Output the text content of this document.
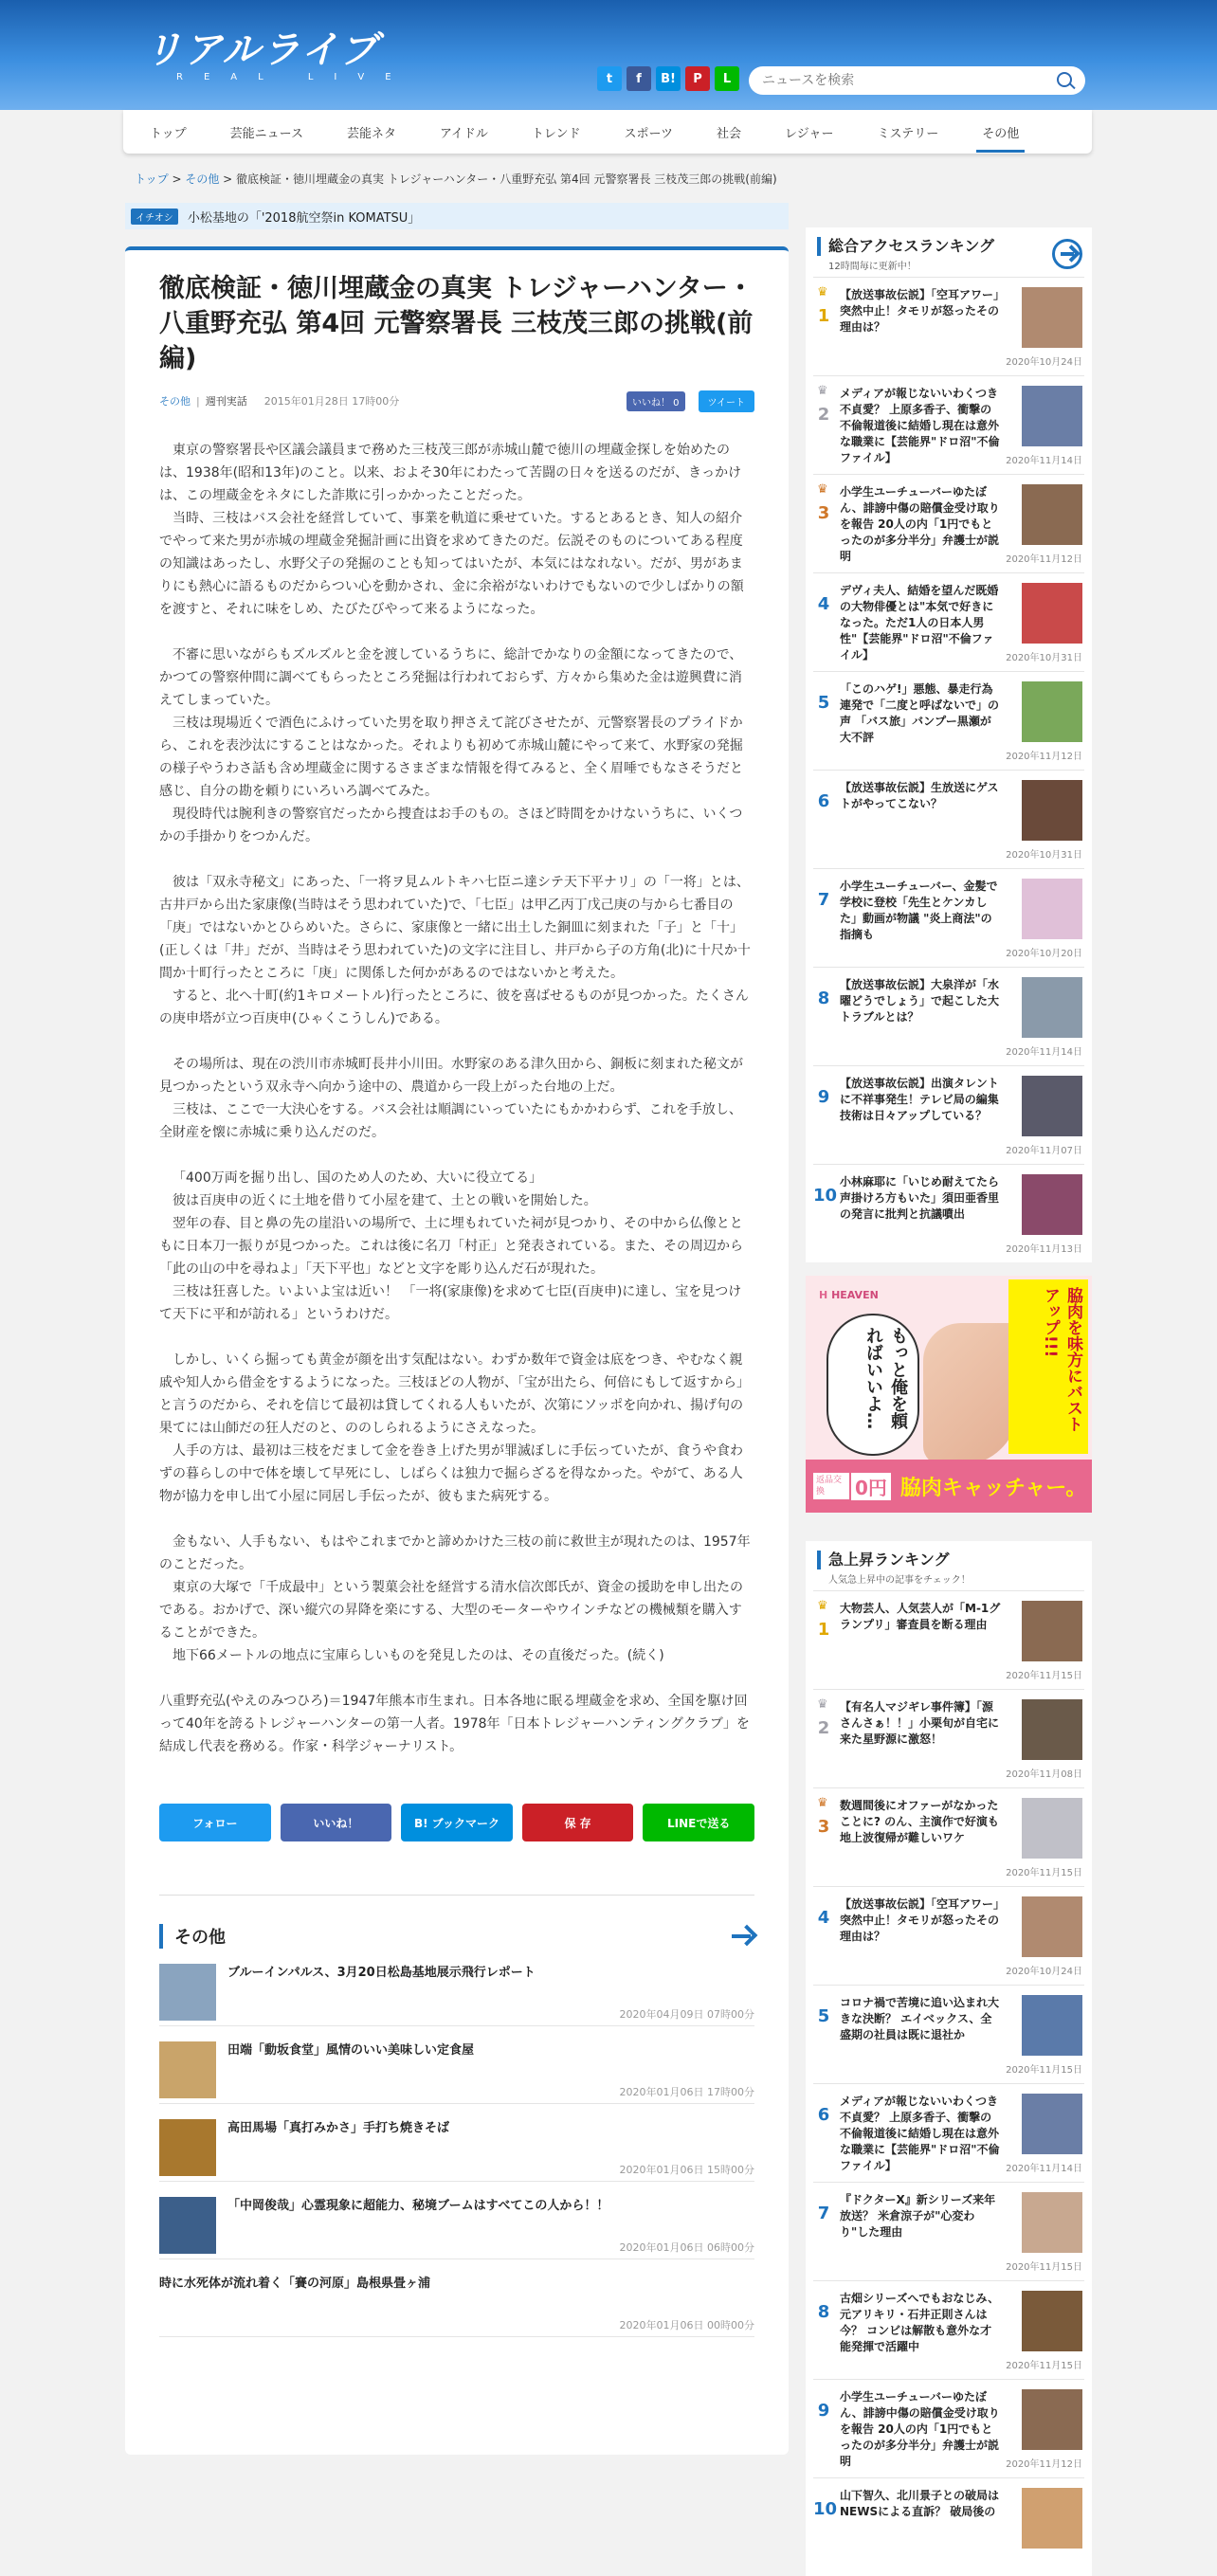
リアルライブ
REAL LIVE	t	f	B!	P	L
ニュースを検索
トップ	芸能ニュース	芸能ネタ	アイドル	トレンド	スポーツ	社会	レジャー	ミステリー	その他
トップ > その他 > 徹底検証・徳川埋蔵金の真実 トレジャーハンター・八重野充弘 第4回 元警察署長 三枝茂三郎の挑戦(前編)
イチオシ	小松基地の「'2018航空祭in KOMATSU」
徹底検証・徳川埋蔵金の真実 トレジャーハンター・八重野充弘 第4回 元警察署長 三枝茂三郎の挑戦(前編)
その他 | 週刊実話 2015年01月28日 17時00分	いいね！ 0	ツイート

東京の警察署長や区議会議員まで務めた三枝茂三郎が赤城山麓で徳川の埋蔵金探しを始めたのは、1938年(昭和13年)のこと。以来、およそ30年にわたって苦闘の日々を送るのだが、きっかけは、この埋蔵金をネタにした詐欺に引っかかったことだった。

当時、三枝はバス会社を経営していて、事業を軌道に乗せていた。するとあるとき、知人の紹介でやって来た男が赤城の埋蔵金発掘計画に出資を求めてきたのだ。伝説そのものについてある程度の知識はあったし、水野父子の発掘のことも知ってはいたが、本気にはなれない。だが、男があまりにも熱心に語るものだからつい心を動かされ、金に余裕がないわけでもないので少しばかりの額を渡すと、それに味をしめ、たびたびやって来るようになった。

不審に思いながらもズルズルと金を渡しているうちに、総計でかなりの金額になってきたので、かつての警察仲間に調べてもらったところ発掘は行われておらず、方々から集めた金は遊興費に消えてしまっていた。

三枝は現場近くで酒色にふけっていた男を取り押さえて詫びさせたが、元警察署長のプライドから、これを表沙汰にすることはなかった。それよりも初めて赤城山麓にやって来て、水野家の発掘の様子やうわさ話も含め埋蔵金に関するさまざまな情報を得てみると、全く眉唾でもなさそうだと感じ、自分の勘を頼りにいろいろ調べてみた。

現役時代は腕利きの警察官だったから捜査はお手のもの。さほど時間をかけないうちに、いくつかの手掛かりをつかんだ。

彼は「双永寺秘文」にあった、「一将ヲ見ムルトキハ七臣ニ達シテ天下平ナリ」の「一将」とは、古井戸から出た家康像(当時はそう思われていた)で、「七臣」は甲乙丙丁戊己庚の与から七番目の「庚」ではないかとひらめいた。さらに、家康像と一緒に出土した銅皿に刻まれた「子」と「十」(正しくは「井」だが、当時はそう思われていた)の文字に注目し、井戸から子の方角(北)に十尺か十間か十町行ったところに「庚」に関係した何かがあるのではないかと考えた。

すると、北へ十町(約1キロメートル)行ったところに、彼を喜ばせるものが見つかった。たくさんの庚申塔が立つ百庚申(ひゃくこうしん)である。

その場所は、現在の渋川市赤城町長井小川田。水野家のある津久田から、銅板に刻まれた秘文が見つかったという双永寺へ向かう途中の、農道から一段上がった台地の上だ。

三枝は、ここで一大決心をする。バス会社は順調にいっていたにもかかわらず、これを手放し、全財産を懐に赤城に乗り込んだのだ。

「400万両を掘り出し、国のため人のため、大いに役立てる」

彼は百庚申の近くに土地を借りて小屋を建て、土との戦いを開始した。

翌年の春、目と鼻の先の崖沿いの場所で、土に埋もれていた祠が見つかり、その中から仏像とともに日本刀一振りが見つかった。これは後に名刀「村正」と発表されている。また、その周辺から「此の山の中を尋ねよ」「天下平也」などと文字を彫り込んだ石が現れた。

三枝は狂喜した。いよいよ宝は近い！ 「一将(家康像)を求めて七臣(百庚申)に達し、宝を見つけて天下に平和が訪れる」というわけだ。

しかし、いくら掘っても黄金が顔を出す気配はない。わずか数年で資金は底をつき、やむなく親戚や知人から借金をするようになった。三枝ほどの人物が、「宝が出たら、何倍にもして返すから」と言うのだから、それを信じて最初は貸してくれる人もいたが、次第にソッポを向かれ、揚げ句の果てには山師だの狂人だのと、ののしられるようにさえなった。

人手の方は、最初は三枝をだまして金を巻き上げた男が罪滅ぼしに手伝っていたが、食うや食わずの暮らしの中で体を壊して早死にし、しばらくは独力で掘らざるを得なかった。やがて、ある人物が協力を申し出て小屋に同居し手伝ったが、彼もまた病死する。

金もない、人手もない、もはやこれまでかと諦めかけた三枝の前に救世主が現れたのは、1957年のことだった。

東京の大塚で「千成最中」という製菓会社を経営する清水信次郎氏が、資金の援助を申し出たのである。おかげで、深い縦穴の昇降を楽にする、大型のモーターやウインチなどの機械類を購入することができた。

地下66メートルの地点に宝庫らしいものを発見したのは、その直後だった。(続く)

八重野充弘(やえのみつひろ)＝1947年熊本市生まれ。日本各地に眠る埋蔵金を求め、全国を駆け回って40年を誇るトレジャーハンターの第一人者。1978年「日本トレジャーハンティングクラブ」を結成し代表を務める。作家・科学ジャーナリスト。

フォロー	いいね！	B! ブックマーク	保 存	LINEで送る
その他
ブルーインパルス、3月20日松島基地展示飛行レポート
2020年04月09日 07時00分
田端「動坂食堂」風情のいい美味しい定食屋
2020年01月06日 17時00分
高田馬場「真打みかさ」手打ち焼きそば
2020年01月06日 15時00分
「中岡俊哉」心霊現象に超能力、秘境ブームはすべてこの人から！！
2020年01月06日 06時00分
時に水死体が流れ着く「賽の河原」島根県畳ヶ浦
2020年01月06日 00時00分
総合アクセスランキング
12時間毎に更新中！
♛
1
【放送事故伝説】「空耳アワー」突然中止！タモリが怒ったその理由は？
2020年10月24日
♛
2
メディアが報じないいわくつき不貞愛？ 上原多香子、衝撃の不倫報道後に結婚し現在は意外な職業に【芸能界"ドロ沼"不倫ファイル】	2020年11月14日
♛
3
小学生ユーチューバーゆたぼん、誹謗中傷の賠償金受け取りを報告 20人の内「1円でもとったのが多分半分」弁護士が説明	2020年11月12日
4
デヴィ夫人、結婚を望んだ既婚の大物俳優とは"本気で好きになった。ただ1人の日本人男性"【芸能界"ドロ沼"不倫ファイル】	2020年10月31日
5
「このハゲ!」悪態、暴走行為連発で「二度と呼ばないで」の声 「バス旅」バンプー黒瀬が大不評
2020年11月12日
6
【放送事故伝説】生放送にゲストがやってこない？
2020年10月31日
7
小学生ユーチューバー、金髪で学校に登校「先生とケンカした」動画が物議 "炎上商法"の指摘も
2020年10月20日
8
【放送事故伝説】大泉洋が「水曜どうでしょう」で起こした大トラブルとは？
2020年11月14日
9
【放送事故伝説】出演タレントに不祥事発生！テレビ局の編集技術は日々アップしている？
2020年11月07日
10
小林麻耶に「いじめ耐えてたら声掛けろ方もいた」須田亜香里の発言に批判と抗議噴出
2020年11月13日
H HEAVEN
もっと俺を頼ればいいよ…	脇肉を味方にバストアップ!!!
返品交換	0円 脇肉キャッチャー。
急上昇ランキング
人気急上昇中の記事をチェック！
♛
1
大物芸人、人気芸人が「M-1グランプリ」審査員を断る理由
2020年11月15日
♛
2
【有名人マジギレ事件簿】「源さんさぁ！！」小栗旬が自宅に来た星野源に激怒！
2020年11月08日
♛
3
数週間後にオファーがなかったことに? のん、主演作で好演も地上波復帰が難しいワケ
2020年11月15日
4
【放送事故伝説】「空耳アワー」突然中止！タモリが怒ったその理由は？
2020年10月24日
5
コロナ禍で苦境に追い込まれ大きな決断？ エイベックス、全盛期の社員は既に退社か
2020年11月15日
6
メディアが報じないいわくつき不貞愛？ 上原多香子、衝撃の不倫報道後に結婚し現在は意外な職業に【芸能界"ドロ沼"不倫ファイル】	2020年11月14日
7
『ドクターX』新シリーズ来年放送？ 米倉涼子が"心変わり"した理由
2020年11月15日
8
古畑シリーズへでもおなじみ、元アリキリ・石井正則さんは今？ コンビは解散も意外な才能発揮で活躍中
2020年11月15日
9
小学生ユーチューバーゆたぼん、誹謗中傷の賠償金受け取りを報告 20人の内「1円でもとったのが多分半分」弁護士が説明	2020年11月12日
10
山下智久、北川景子との破局はNEWSによる直訴？ 破局後の
